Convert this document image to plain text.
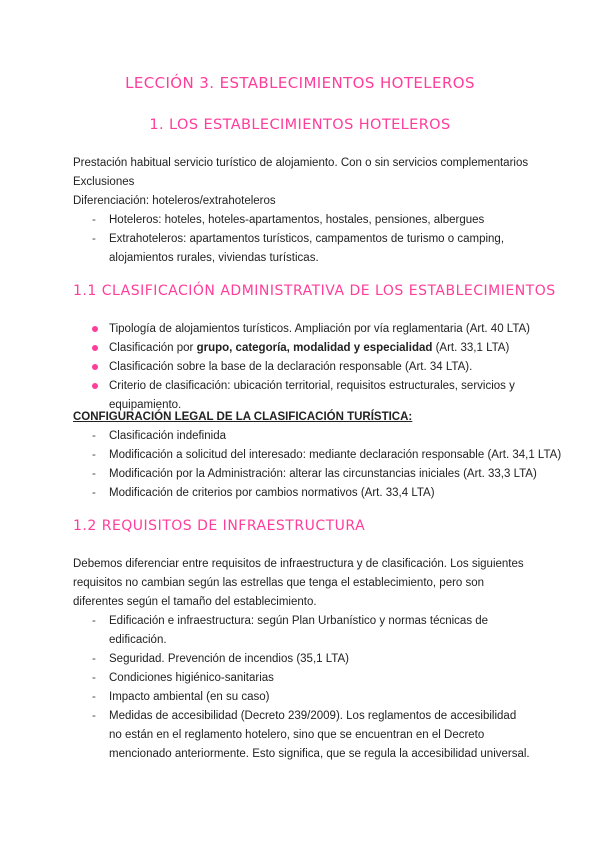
LECCIÓN 3. ESTABLECIMIENTOS HOTELEROS
1. LOS ESTABLECIMIENTOS HOTELEROS
Prestación habitual servicio turístico de alojamiento. Con o sin servicios complementarios
Exclusiones
Diferenciación: hoteleros/extrahoteleros
- Hoteleros: hoteles, hoteles-apartamentos, hostales, pensiones, albergues
- Extrahoteleros: apartamentos turísticos, campamentos de turismo o camping, alojamientos rurales, viviendas turísticas.
1.1 CLASIFICACIÓN ADMINISTRATIVA DE LOS ESTABLECIMIENTOS
Tipología de alojamientos turísticos. Ampliación por vía reglamentaria (Art. 40 LTA)
Clasificación por grupo, categoría, modalidad y especialidad (Art. 33,1 LTA)
Clasificación sobre la base de la declaración responsable (Art. 34 LTA).
Criterio de clasificación: ubicación territorial, requisitos estructurales, servicios y equipamiento.
CONFIGURACIÓN LEGAL DE LA CLASIFICACIÓN TURÍSTICA:
- Clasificación indefinida
- Modificación a solicitud del interesado: mediante declaración responsable (Art. 34,1 LTA)
- Modificación por la Administración: alterar las circunstancias iniciales (Art. 33,3 LTA)
- Modificación de criterios por cambios normativos (Art. 33,4 LTA)
1.2 REQUISITOS DE INFRAESTRUCTURA
Debemos diferenciar entre requisitos de infraestructura y de clasificación. Los siguientes requisitos no cambian según las estrellas que tenga el establecimiento, pero son diferentes según el tamaño del establecimiento.
- Edificación e infraestructura: según Plan Urbanístico y normas técnicas de edificación.
- Seguridad. Prevención de incendios (35,1 LTA)
- Condiciones higiénico-sanitarias
- Impacto ambiental (en su caso)
- Medidas de accesibilidad (Decreto 239/2009). Los reglamentos de accesibilidad no están en el reglamento hotelero, sino que se encuentran en el Decreto mencionado anteriormente. Esto significa, que se regula la accesibilidad universal.
